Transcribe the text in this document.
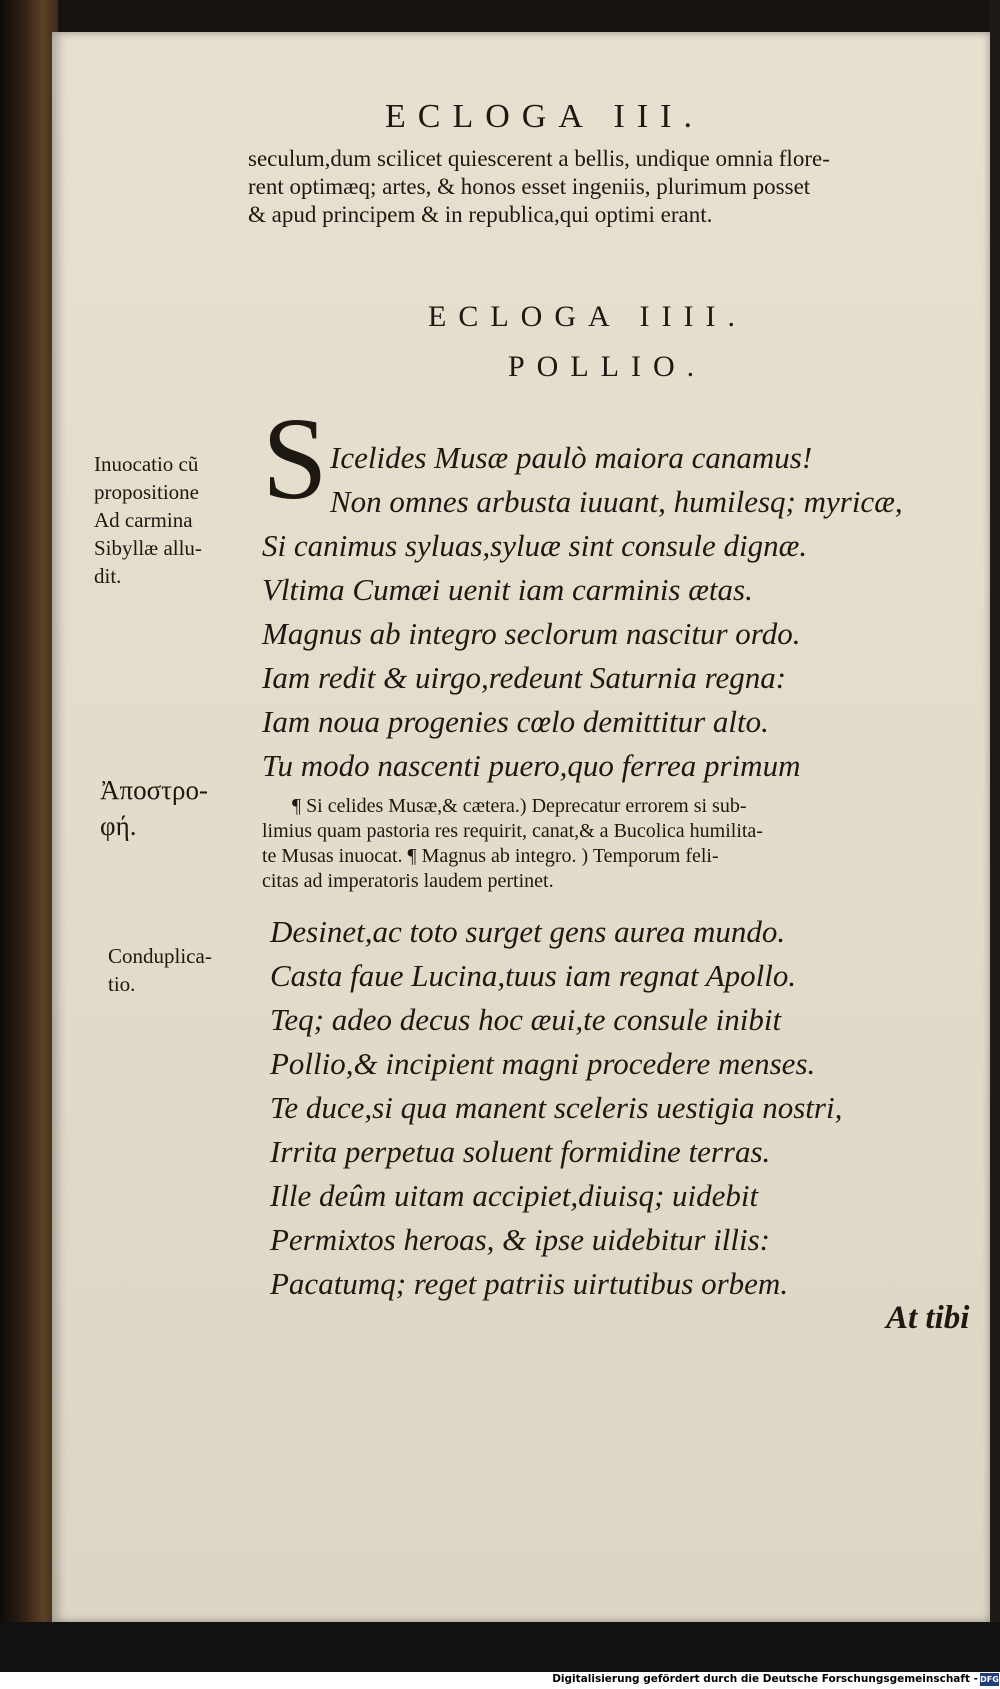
ECLOGA III.
seculum,dum scilicet quiescerent a bellis, undique omnia flore-
rent optimæq; artes, & honos esset ingeniis, plurimum posset
& apud principem & in republica,qui optimi erant.
ECLOGA IIII.
POLLIO.
S Icelides Musæ paulò maiora canamus!
Non omnes arbusta iuuant, humilesq; myricæ,
Si canimus syluas,syluæ sint consule dignæ.
Vltima Cumæi uenit iam carminis ætas.
Magnus ab integro seclorum nascitur ordo.
Iam redit & uirgo,redeunt Saturnia regna:
Iam noua progenies cœlo demittitur alto.
Tu modo nascenti puero,quo ferrea primum
¶ Si celides Musæ,& cætera.) Deprecatur errorem si sub-
limius quam pastoria res requirit, canat,& a Bucolica humilita-
te Musas inuocat. ¶ Magnus ab integro. ) Temporum feli-
citas ad imperatoris laudem pertinet.
Desinet,ac toto surget gens aurea mundo.
Casta faue Lucina,tuus iam regnat Apollo.
Teq; adeo decus hoc æui,te consule inibit
Pollio,& incipient magni procedere menses.
Te duce,si qua manent sceleris uestigia nostri,
Irrita perpetua soluent formidine terras.
Ille deûm uitam accipiet,diuisq; uidebit
Permixtos heroas, & ipse uidebitur illis:
Pacatumq; reget patriis uirtutibus orbem.
Inuocatio cũ
propositione
Ad carmina
Sibyllæ allu-
dit.
Ἀποστρο-
φή.
Conduplica-
tio.
At tibi
Digitalisierung gefördert durch die Deutsche Forschungsgemeinschaft - DFG
